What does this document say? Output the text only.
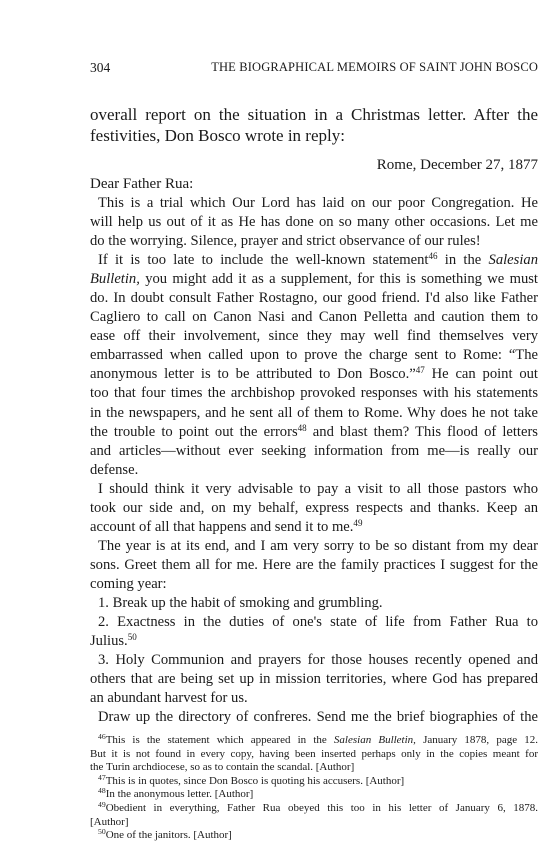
304	THE BIOGRAPHICAL MEMOIRS OF SAINT JOHN BOSCO
overall report on the situation in a Christmas letter. After the
festivities, Don Bosco wrote in reply:
Rome, December 27, 1877
Dear Father Rua:
This is a trial which Our Lord has laid on our poor Congregation. He
will help us out of it as He has done on so many other occasions. Let me
do the worrying. Silence, prayer and strict observance of our rules!
If it is too late to include the well-known statement$^{46}$ in the Salesian
Bulletin, you might add it as a supplement, for this is something we must
do. In doubt consult Father Rostagno, our good friend. I'd also like Father
Cagliero to call on Canon Nasi and Canon Pelletta and caution them to
ease off their involvement, since they may well find themselves very
embarrassed when called upon to prove the charge sent to Rome: “The
anonymous letter is to be attributed to Don Bosco.”$^{47}$ He can point out
too that four times the archbishop provoked responses with his statements
in the newspapers, and he sent all of them to Rome. Why does he not take
the trouble to point out the errors$^{48}$ and blast them? This flood of letters
and articles—without ever seeking information from me—is really our
defense.
I should think it very advisable to pay a visit to all those pastors who
took our side and, on my behalf, express respects and thanks. Keep an
account of all that happens and send it to me.$^{49}$
The year is at its end, and I am very sorry to be so distant from my dear
sons. Greet them all for me. Here are the family practices I suggest for the
coming year:
1. Break up the habit of smoking and grumbling.
2. Exactness in the duties of one's state of life from Father Rua to
Julius.$^{50}$
3. Holy Communion and prayers for those houses recently opened and
others that are being set up in mission territories, where God has prepared
an abundant harvest for us.
Draw up the directory of confreres. Send me the brief biographies of the
$^{46}$This is the statement which appeared in the Salesian Bulletin, January 1878, page 12.
But it is not found in every copy, having been inserted perhaps only in the copies meant for
the Turin archdiocese, so as to contain the scandal. [Author]
$^{47}$This is in quotes, since Don Bosco is quoting his accusers. [Author]
$^{48}$In the anonymous letter. [Author]
$^{49}$Obedient in everything, Father Rua obeyed this too in his letter of January 6, 1878.
[Author]
$^{50}$One of the janitors. [Author]
